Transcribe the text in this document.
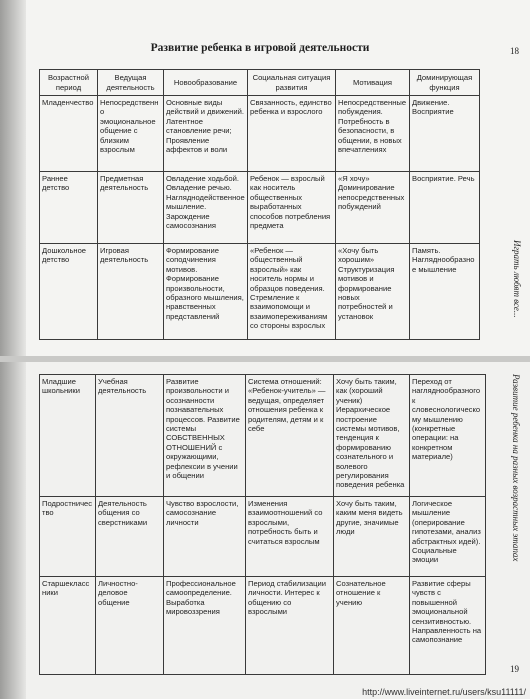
Развитие ребенка в игровой деятельности	18
Играть любят все...
Возрастной период	Ведущая деятельность	Новообразование	Социальная ситуация развития	Мотивация	Доминирующая функция
Младенчество	Непосредственно эмоциональное общение с близким взрослым	Основные виды действий и движений. Латентное становление речи; Проявление аффектов и воли	Связанность, единство ребенка и взрослого	Непосредственные побуждения. Потребность в безопасности, в общении, в новых впечатлениях	Движение. Восприятие
Раннее детство	Предметная деятельность	Овладение ходьбой. Овладение речью. Нагляднодейственное мышление. Зарождение самосознания	Ребенок — взрослый как носитель общественных выработанных способов потребления предмета	«Я хочу» Доминирование непосредственных побуждений	Восприятие. Речь
Дошкольное детство	Игровая деятельность	Формирование соподчинения мотивов. Формирование произвольности, образного мышления, нравственных представлений	«Ребенок — общественный взрослый» как носитель нормы и образцов поведения. Стремление к взаимопомощи и взаимопереживаниям со стороны взрослых	«Хочу быть хорошим» Структуризация мотивов и формирование новых потребностей и установок	Память. Нагляднообразное мышление
Развитие ребенка на разных возрастных этапах
19
Младшие школьники	Учебная деятельность	Развитие произвольности и осознанности познавательных процессов. Развитие системы СОБСТВЕННЫХ ОТНОШЕНИЙ с окружающими, рефлексии в учении и общении	Система отношений: «Ребенок-учитель» — ведущая, определяет отношения ребенка к родителям, детям и к себе	Хочу быть таким, как (хороший ученик) Иерархическое построение системы мотивов, тенденция к формированию сознательного и волевого регулирования поведения ребенка	Переход от нагляднообразного к словеснологическому мышлению (конкретные операции: на конкретном материале)
Подростничество	Деятельность общения со сверстниками	Чувство взрослости, самосознание личности	Изменения взаимоотношений со взрослыми, потребность быть и считаться взрослым	Хочу быть таким, каким меня видеть другие, значимые люди	Логическое мышление (оперирование гипотезами, анализ абстрактных идей). Социальные эмоции
Старшеклассники	Личностно-деловое общение	Профессиональное самоопределение. Выработка мировоззрения	Период стабилизации личности. Интерес к общению со взрослыми	Сознательное отношение к учению	Развитие сферы чувств с повышенной эмоциональной сензитивностью. Направленность на самопознание
http://www.liveinternet.ru/users/ksu11111/
